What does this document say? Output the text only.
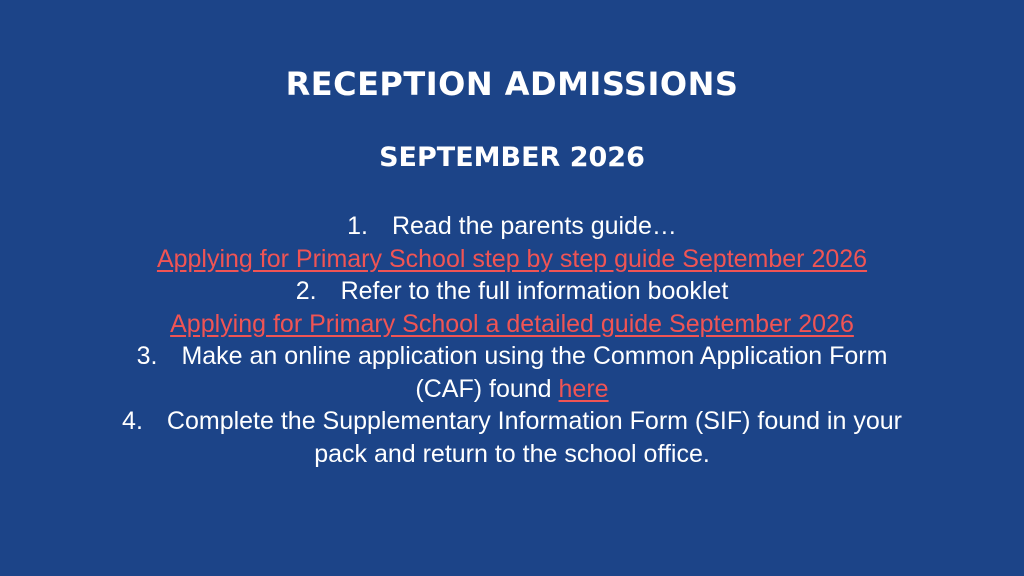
RECEPTION ADMISSIONS
SEPTEMBER 2026
1. Read the parents guide…
Applying for Primary School step by step guide September 2026
2. Refer to the full information booklet
Applying for Primary School a detailed guide September 2026
3. Make an online application using the Common Application Form
(CAF) found here
4. Complete the Supplementary Information Form (SIF) found in your
pack and return to the school office.
